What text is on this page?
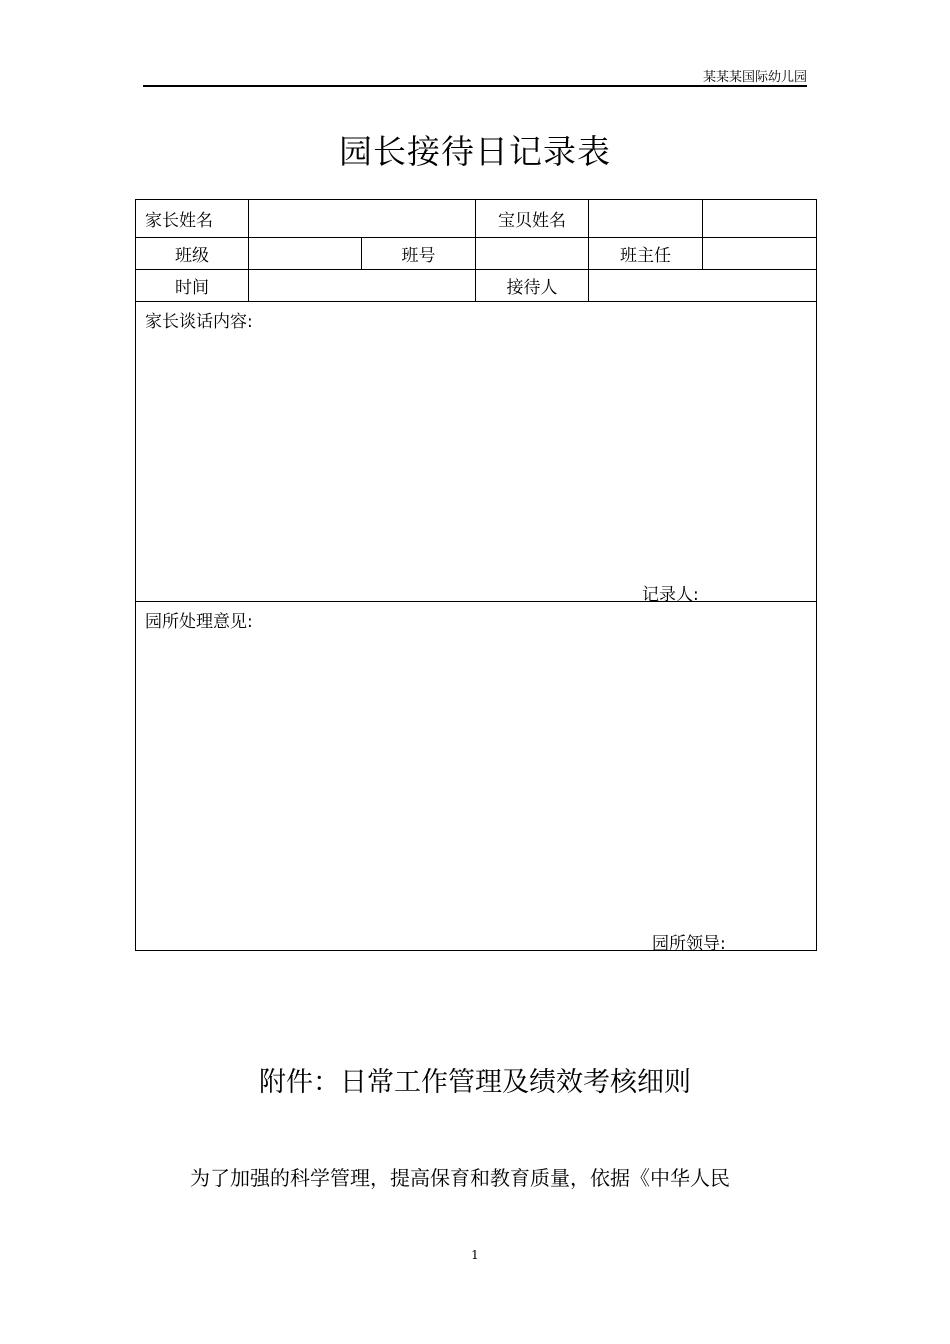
某某某国际幼儿园
园长接待日记录表
家长姓名			宝贝姓名		
班级		班号		班主任	
时间			接待人		

家长谈话内容:
记录人:					

园所处理意见:
园所领导:					
附件：日常工作管理及绩效考核细则
为了加强的科学管理，提高保育和教育质量，依据《中华人民
1
